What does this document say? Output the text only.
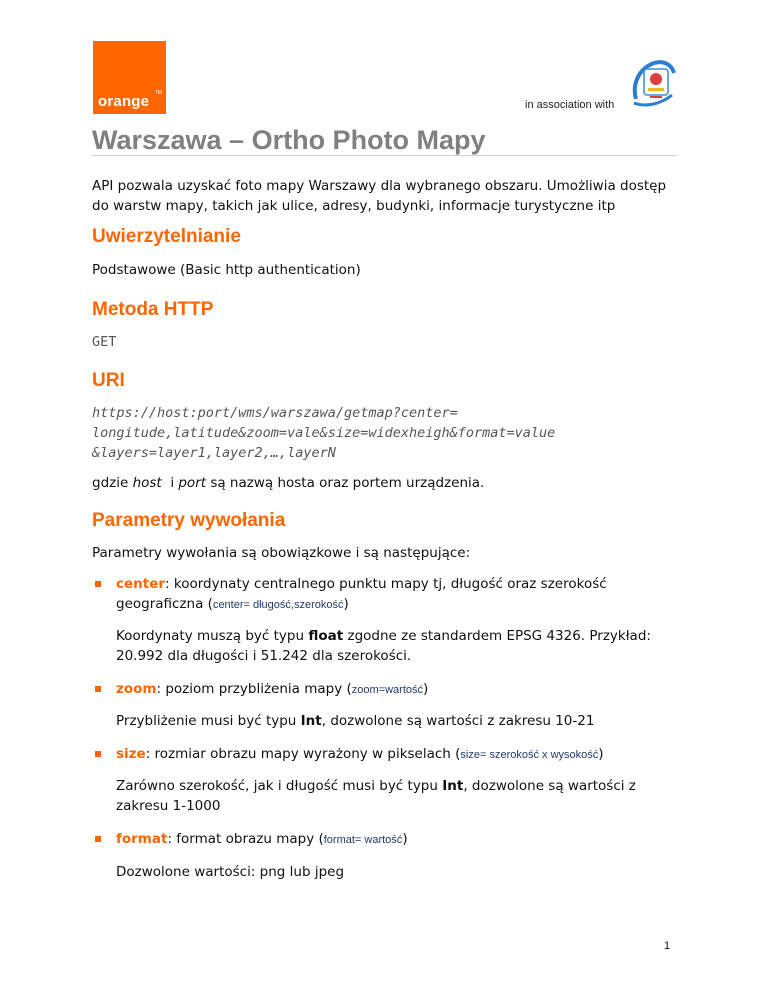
TM
orange	in association with
Warszawa – Ortho Photo Mapy

API pozwala uzyskać foto mapy Warszawy dla wybranego obszaru. Umożliwia dostęp
do warstw mapy, takich jak ulice, adresy, budynki, informacje turystyczne itp

Uwierzytelnianie

Podstawowe (Basic http authentication)

Metoda HTTP

GET

URI

https://host:port/wms/warszawa/getmap?center=
longitude,latitude&zoom=vale&size=widexheigh&format=value
&layers=layer1,layer2,…,layerN

gdzie host  i port są nazwą hosta oraz portem urządzenia.

Parametry wywołania

Parametry wywołania są obowiązkowe i są następujące:

center: koordynaty centralnego punktu mapy tj, długość oraz szerokość
geograficzna (center= długość,szerokość)

Koordynaty muszą być typu float zgodne ze standardem EPSG 4326. Przykład:
20.992 dla długości i 51.242 dla szerokości.

zoom: poziom przybliżenia mapy (zoom=wartość)

Przybliżenie musi być typu Int, dozwolone są wartości z zakresu 10-21

size: rozmiar obrazu mapy wyrażony w pikselach (size= szerokość x wysokość)

Zarówno szerokość, jak i długość musi być typu Int, dozwolone są wartości z
zakresu 1-1000

format: format obrazu mapy (format= wartość)

Dozwolone wartości: png lub jpeg

1
